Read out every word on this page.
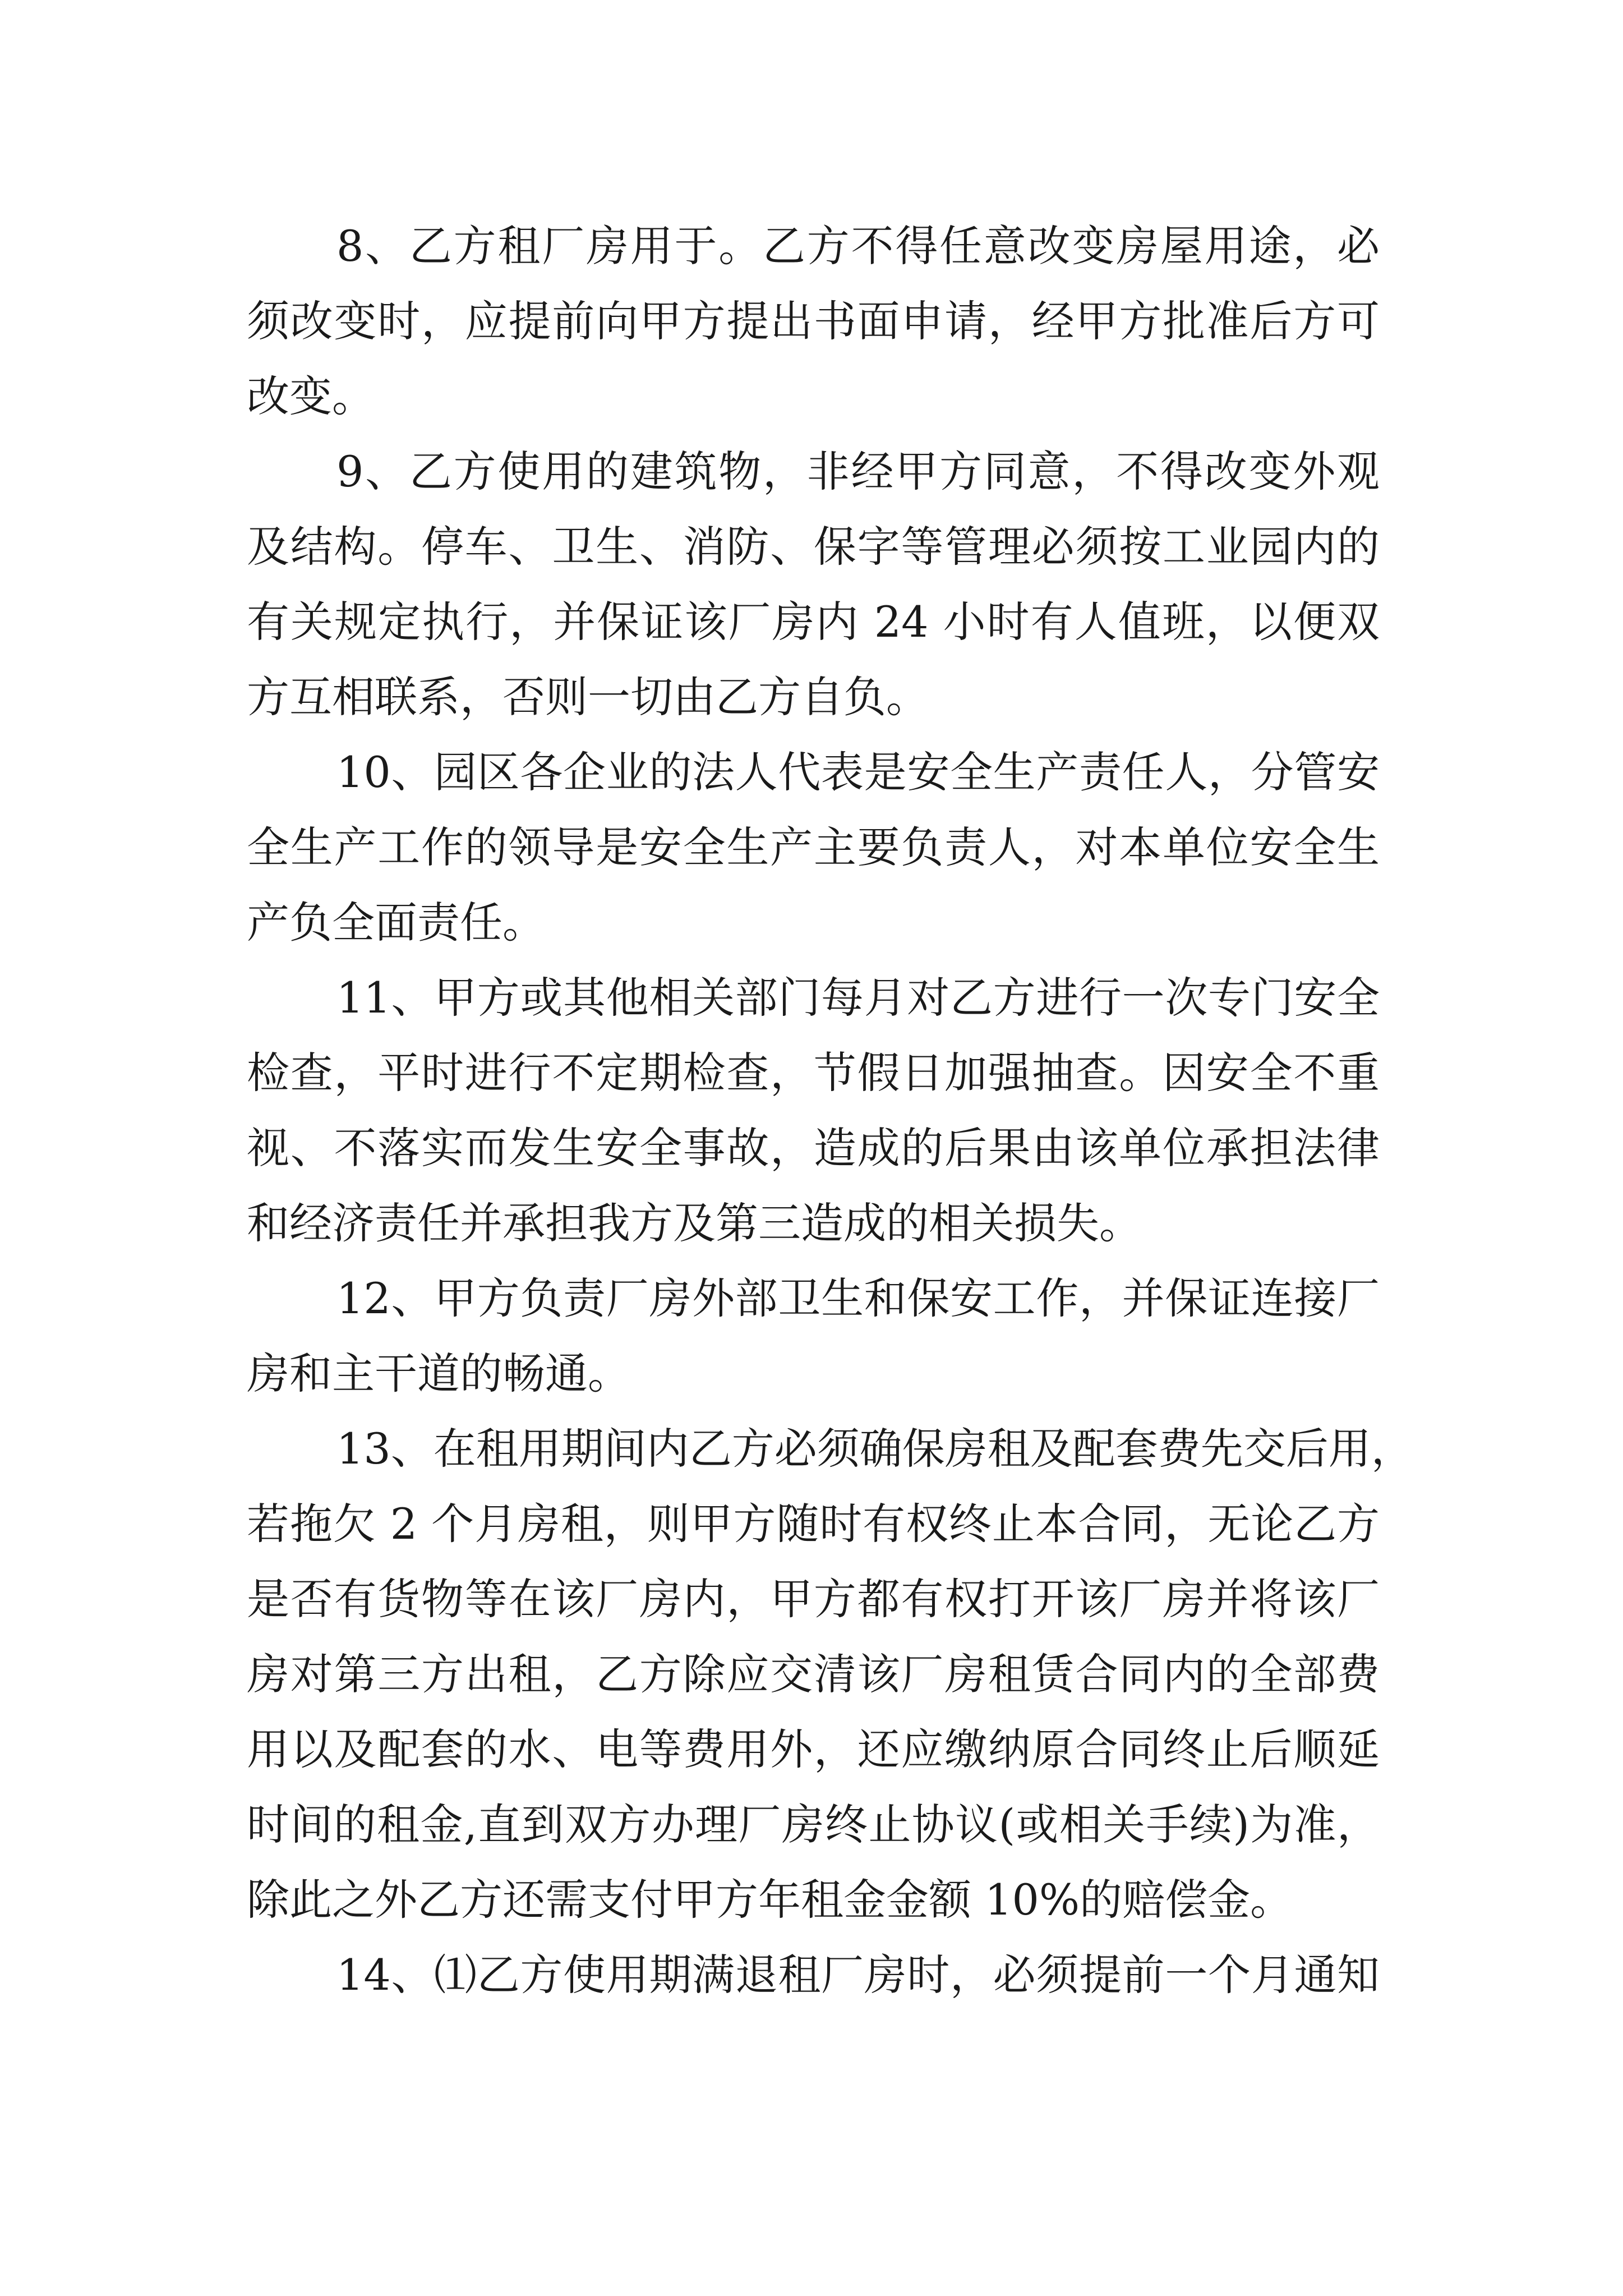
8、乙方租厂房用于。乙方不得任意改变房屋用途，必
须改变时，应提前向甲方提出书面申请，经甲方批准后方可
改变。
9、乙方使用的建筑物，非经甲方同意，不得改变外观
及结构。停车、卫生、消防、保字等管理必须按工业园内的
有关规定执行，并保证该厂房内 24 小时有人值班，以便双
方互相联系，否则一切由乙方自负。
10、园区各企业的法人代表是安全生产责任人，分管安
全生产工作的领导是安全生产主要负责人，对本单位安全生
产负全面责任。
11、甲方或其他相关部门每月对乙方进行一次专门安全
检查，平时进行不定期检查，节假日加强抽查。因安全不重
视、不落实而发生安全事故，造成的后果由该单位承担法律
和经济责任并承担我方及第三造成的相关损失。
12、甲方负责厂房外部卫生和保安工作，并保证连接厂
房和主干道的畅通。
13、在租用期间内乙方必须确保房租及配套费先交后用，
若拖欠 2 个月房租，则甲方随时有权终止本合同，无论乙方
是否有货物等在该厂房内，甲方都有权打开该厂房并将该厂
房对第三方出租，乙方除应交清该厂房租赁合同内的全部费
用以及配套的水、电等费用外，还应缴纳原合同终止后顺延
时间的租金,直到双方办理厂房终止协议(或相关手续)为准，
除此之外乙方还需支付甲方年租金金额 10%的赔偿金。
14、⑴乙方使用期满退租厂房时，必须提前一个月通知
